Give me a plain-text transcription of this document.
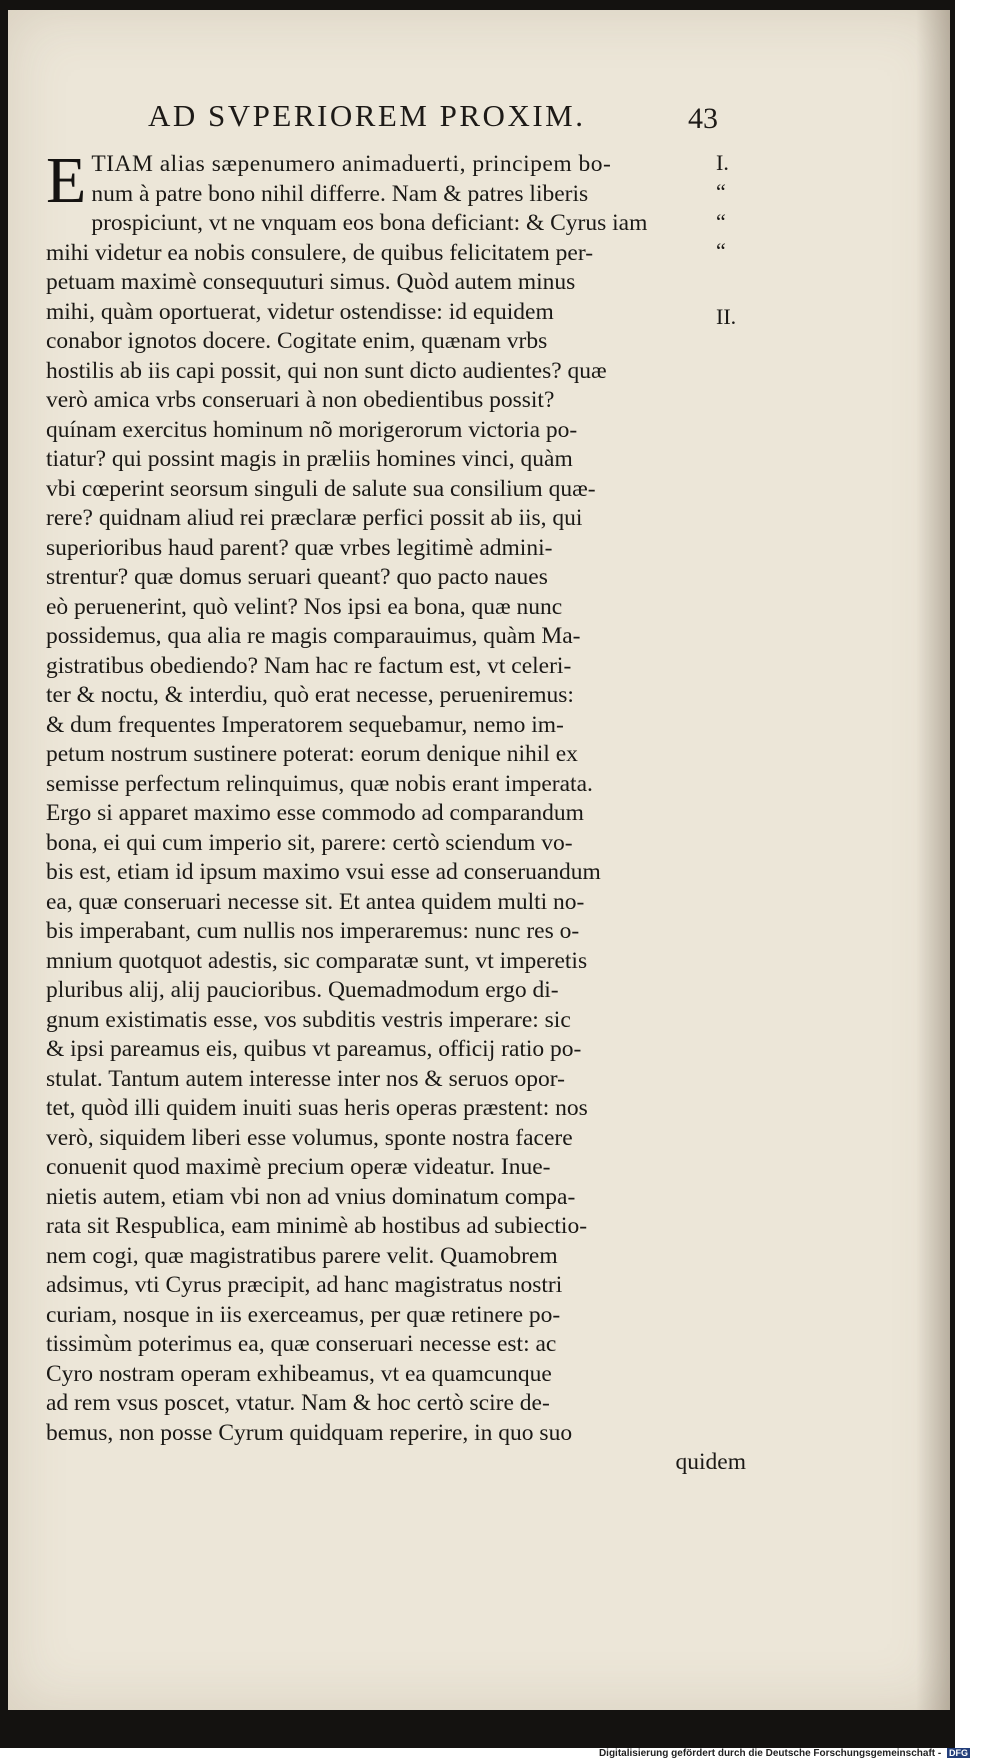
AD SVPERIOREM PROXIM.	43
E TIAM alias sæpenumero animaduerti, principem bo-
num à patre bono nihil differre. Nam & patres liberis
prospiciunt, vt ne vnquam eos bona deficiant: & Cyrus iam
mihi videtur ea nobis consulere, de quibus felicitatem per-
petuam maximè consequuturi simus. Quòd autem minus
mihi, quàm oportuerat, videtur ostendisse: id equidem
conabor ignotos docere. Cogitate enim, quænam vrbs
hostilis ab iis capi possit, qui non sunt dicto audientes? quæ
verò amica vrbs conseruari à non obedientibus possit?
quínam exercitus hominum nõ morigerorum victoria po-
tiatur? qui possint magis in præliis homines vinci, quàm
vbi cœperint seorsum singuli de salute sua consilium quæ-
rere? quidnam aliud rei præclaræ perfici possit ab iis, qui
superioribus haud parent? quæ vrbes legitimè admini-
strentur? quæ domus seruari queant? quo pacto naues
eò peruenerint, quò velint? Nos ipsi ea bona, quæ nunc
possidemus, qua alia re magis comparauimus, quàm Ma-
gistratibus obediendo? Nam hac re factum est, vt celeri-
ter & noctu, & interdiu, quò erat necesse, perueniremus:
& dum frequentes Imperatorem sequebamur, nemo im-
petum nostrum sustinere poterat: eorum denique nihil ex
semisse perfectum relinquimus, quæ nobis erant imperata.
Ergo si apparet maximo esse commodo ad comparandum
bona, ei qui cum imperio sit, parere: certò sciendum vo-
bis est, etiam id ipsum maximo vsui esse ad conseruandum
ea, quæ conseruari necesse sit. Et antea quidem multi no-
bis imperabant, cum nullis nos imperaremus: nunc res o-
mnium quotquot adestis, sic comparatæ sunt, vt imperetis
pluribus alij, alij paucioribus. Quemadmodum ergo di-
gnum existimatis esse, vos subditis vestris imperare: sic
& ipsi pareamus eis, quibus vt pareamus, officij ratio po-
stulat. Tantum autem interesse inter nos & seruos opor-
tet, quòd illi quidem inuiti suas heris operas præstent: nos
verò, siquidem liberi esse volumus, sponte nostra facere
conuenit quod maximè precium operæ videatur. Inue-
nietis autem, etiam vbi non ad vnius dominatum compa-
rata sit Respublica, eam minimè ab hostibus ad subiectio-
nem cogi, quæ magistratibus parere velit. Quamobrem
adsimus, vti Cyrus præcipit, ad hanc magistratus nostri
curiam, nosque in iis exerceamus, per quæ retinere po-
tissimùm poterimus ea, quæ conseruari necesse est: ac
Cyro nostram operam exhibeamus, vt ea quamcunque
ad rem vsus poscet, vtatur. Nam & hoc certò scire de-
bemus, non posse Cyrum quidquam reperire, in quo suo
quidem
I.
“
“
“
II.
Digitalisierung gefördert durch die Deutsche Forschungsgemeinschaft - DFG
